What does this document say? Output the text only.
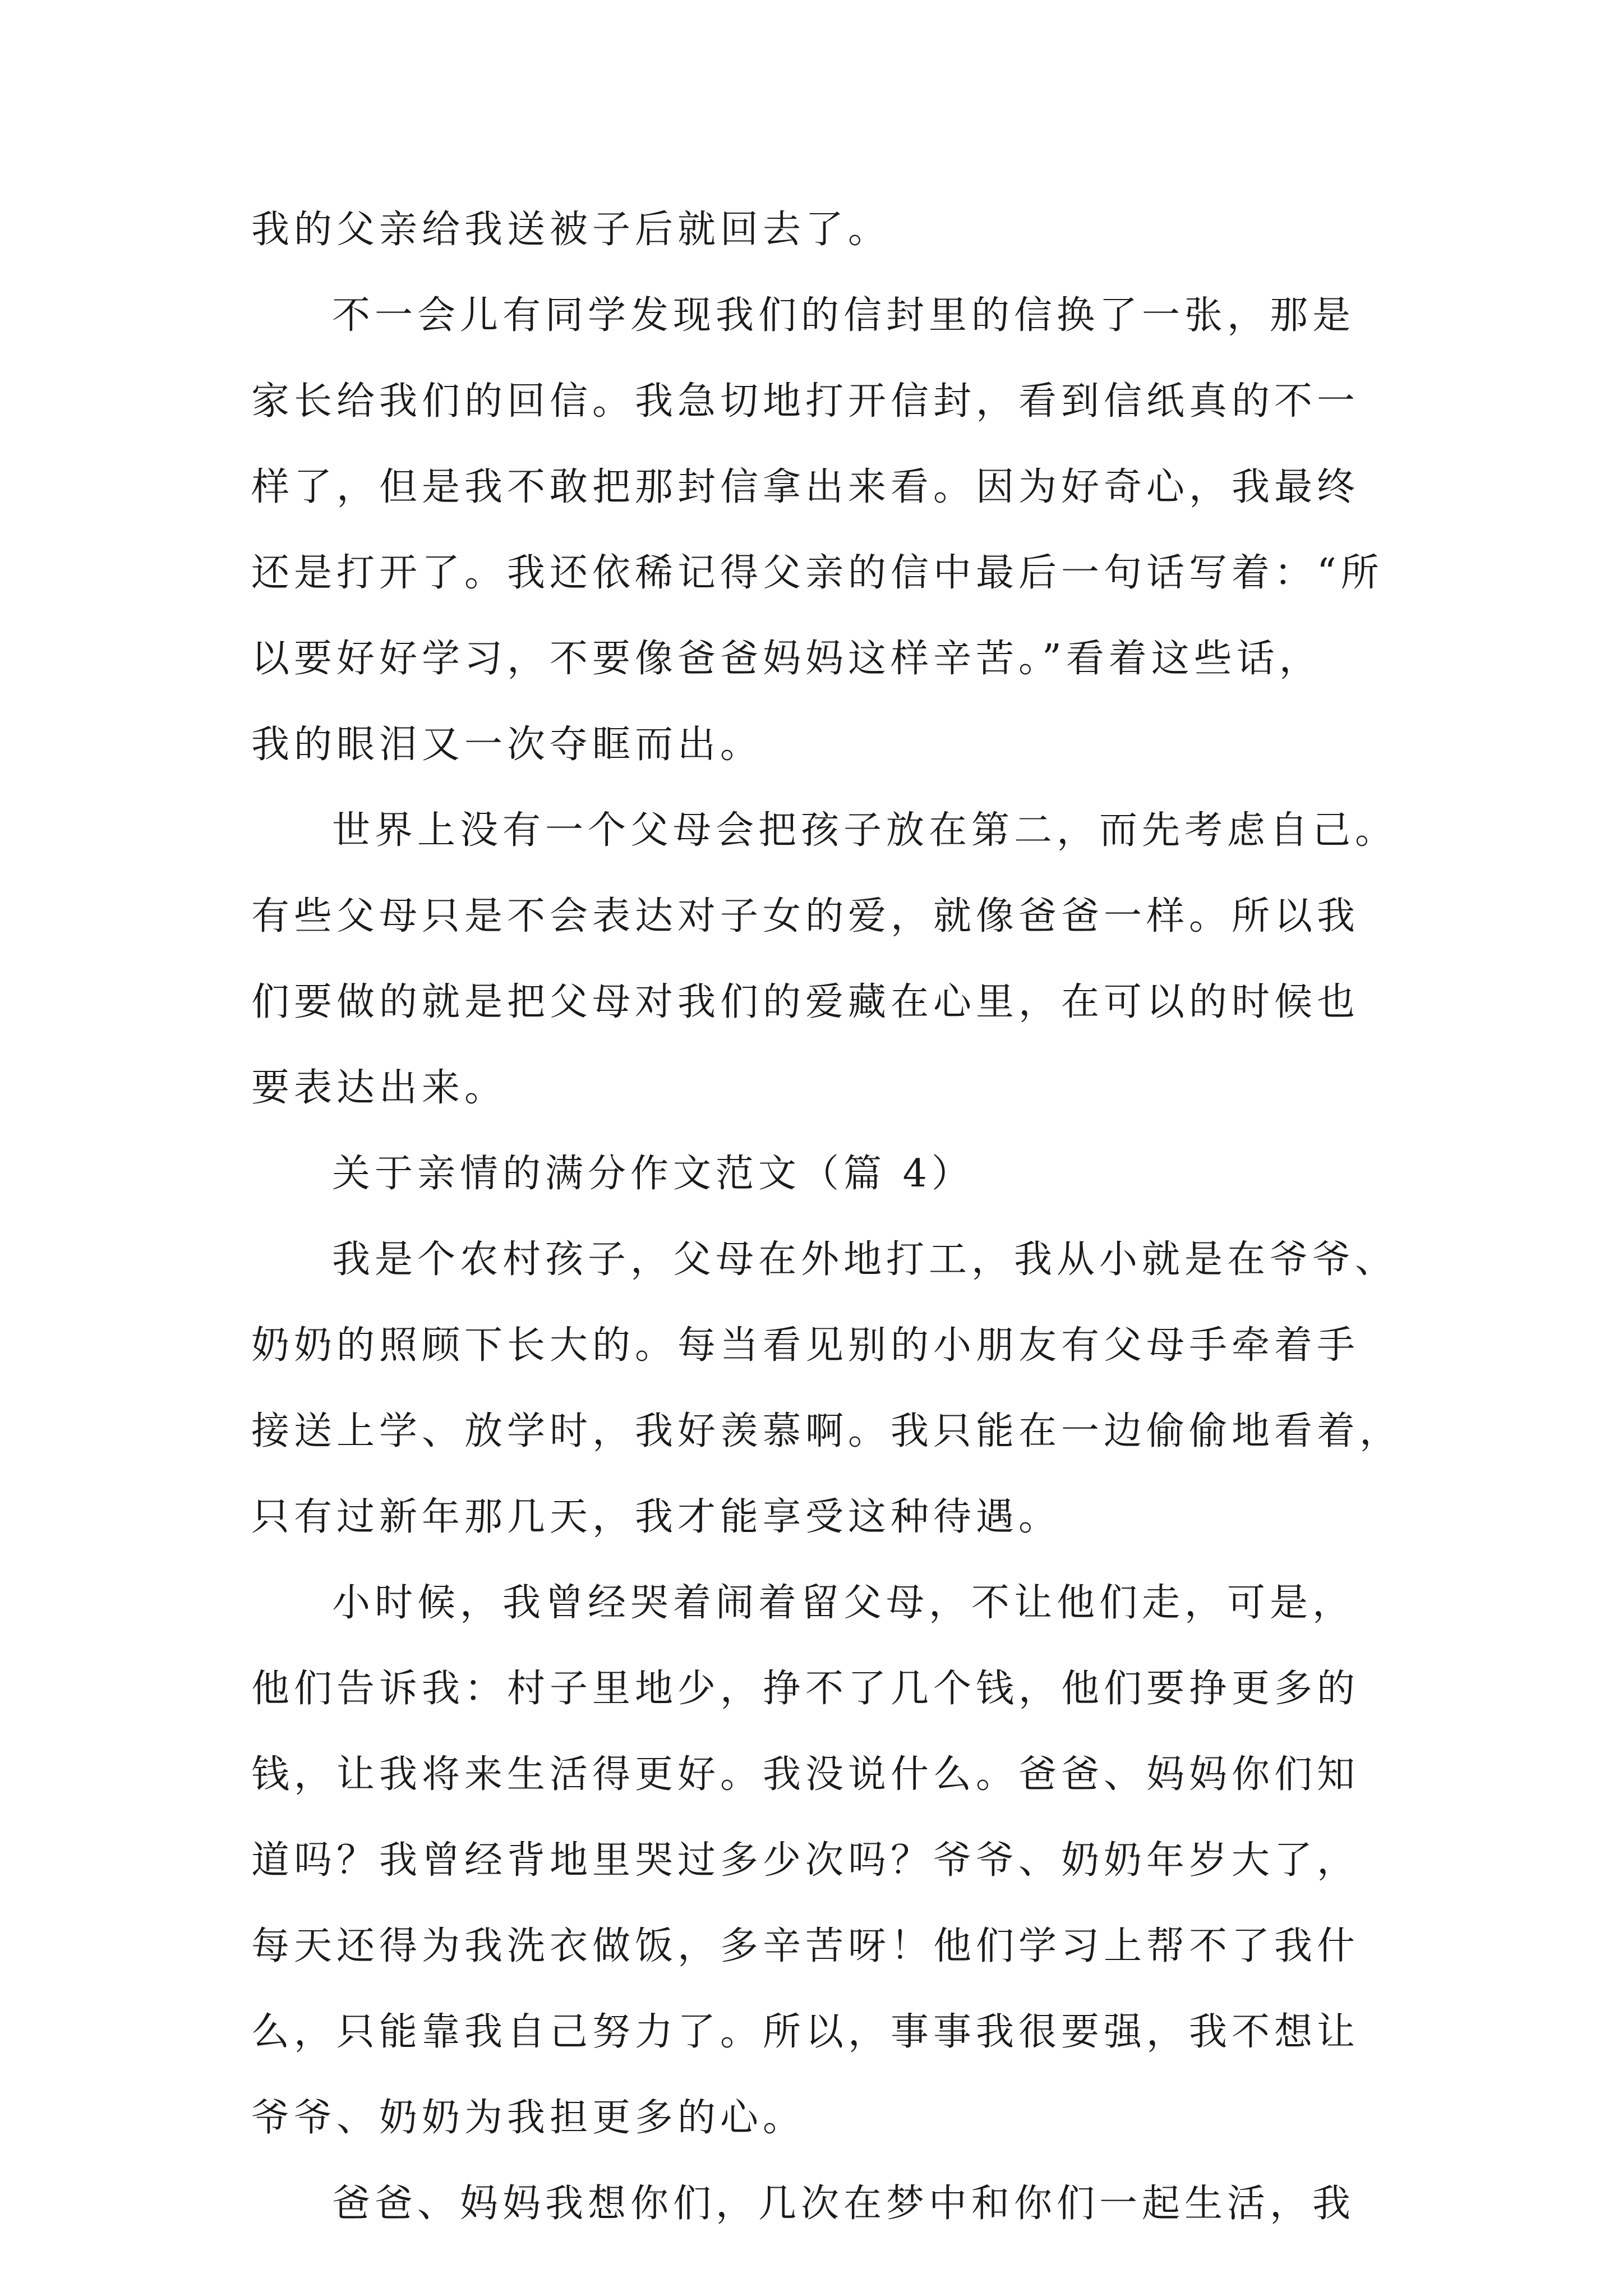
我的父亲给我送被子后就回去了。
不一会儿有同学发现我们的信封里的信换了一张，那是
家长给我们的回信。我急切地打开信封，看到信纸真的不一
样了，但是我不敢把那封信拿出来看。因为好奇心，我最终
还是打开了。我还依稀记得父亲的信中最后一句话写着：“所
以要好好学习，不要像爸爸妈妈这样辛苦。”看着这些话，
我的眼泪又一次夺眶而出。
世界上没有一个父母会把孩子放在第二，而先考虑自己。
有些父母只是不会表达对子女的爱，就像爸爸一样。所以我
们要做的就是把父母对我们的爱藏在心里，在可以的时候也
要表达出来。
关于亲情的满分作文范文（篇 4）
我是个农村孩子，父母在外地打工，我从小就是在爷爷、
奶奶的照顾下长大的。每当看见别的小朋友有父母手牵着手
接送上学、放学时，我好羡慕啊。我只能在一边偷偷地看着，
只有过新年那几天，我才能享受这种待遇。
小时候，我曾经哭着闹着留父母，不让他们走，可是，
他们告诉我：村子里地少，挣不了几个钱，他们要挣更多的
钱，让我将来生活得更好。我没说什么。爸爸、妈妈你们知
道吗？我曾经背地里哭过多少次吗？爷爷、奶奶年岁大了，
每天还得为我洗衣做饭，多辛苦呀！他们学习上帮不了我什
么，只能靠我自己努力了。所以，事事我很要强，我不想让
爷爷、奶奶为我担更多的心。
爸爸、妈妈我想你们，几次在梦中和你们一起生活，我
